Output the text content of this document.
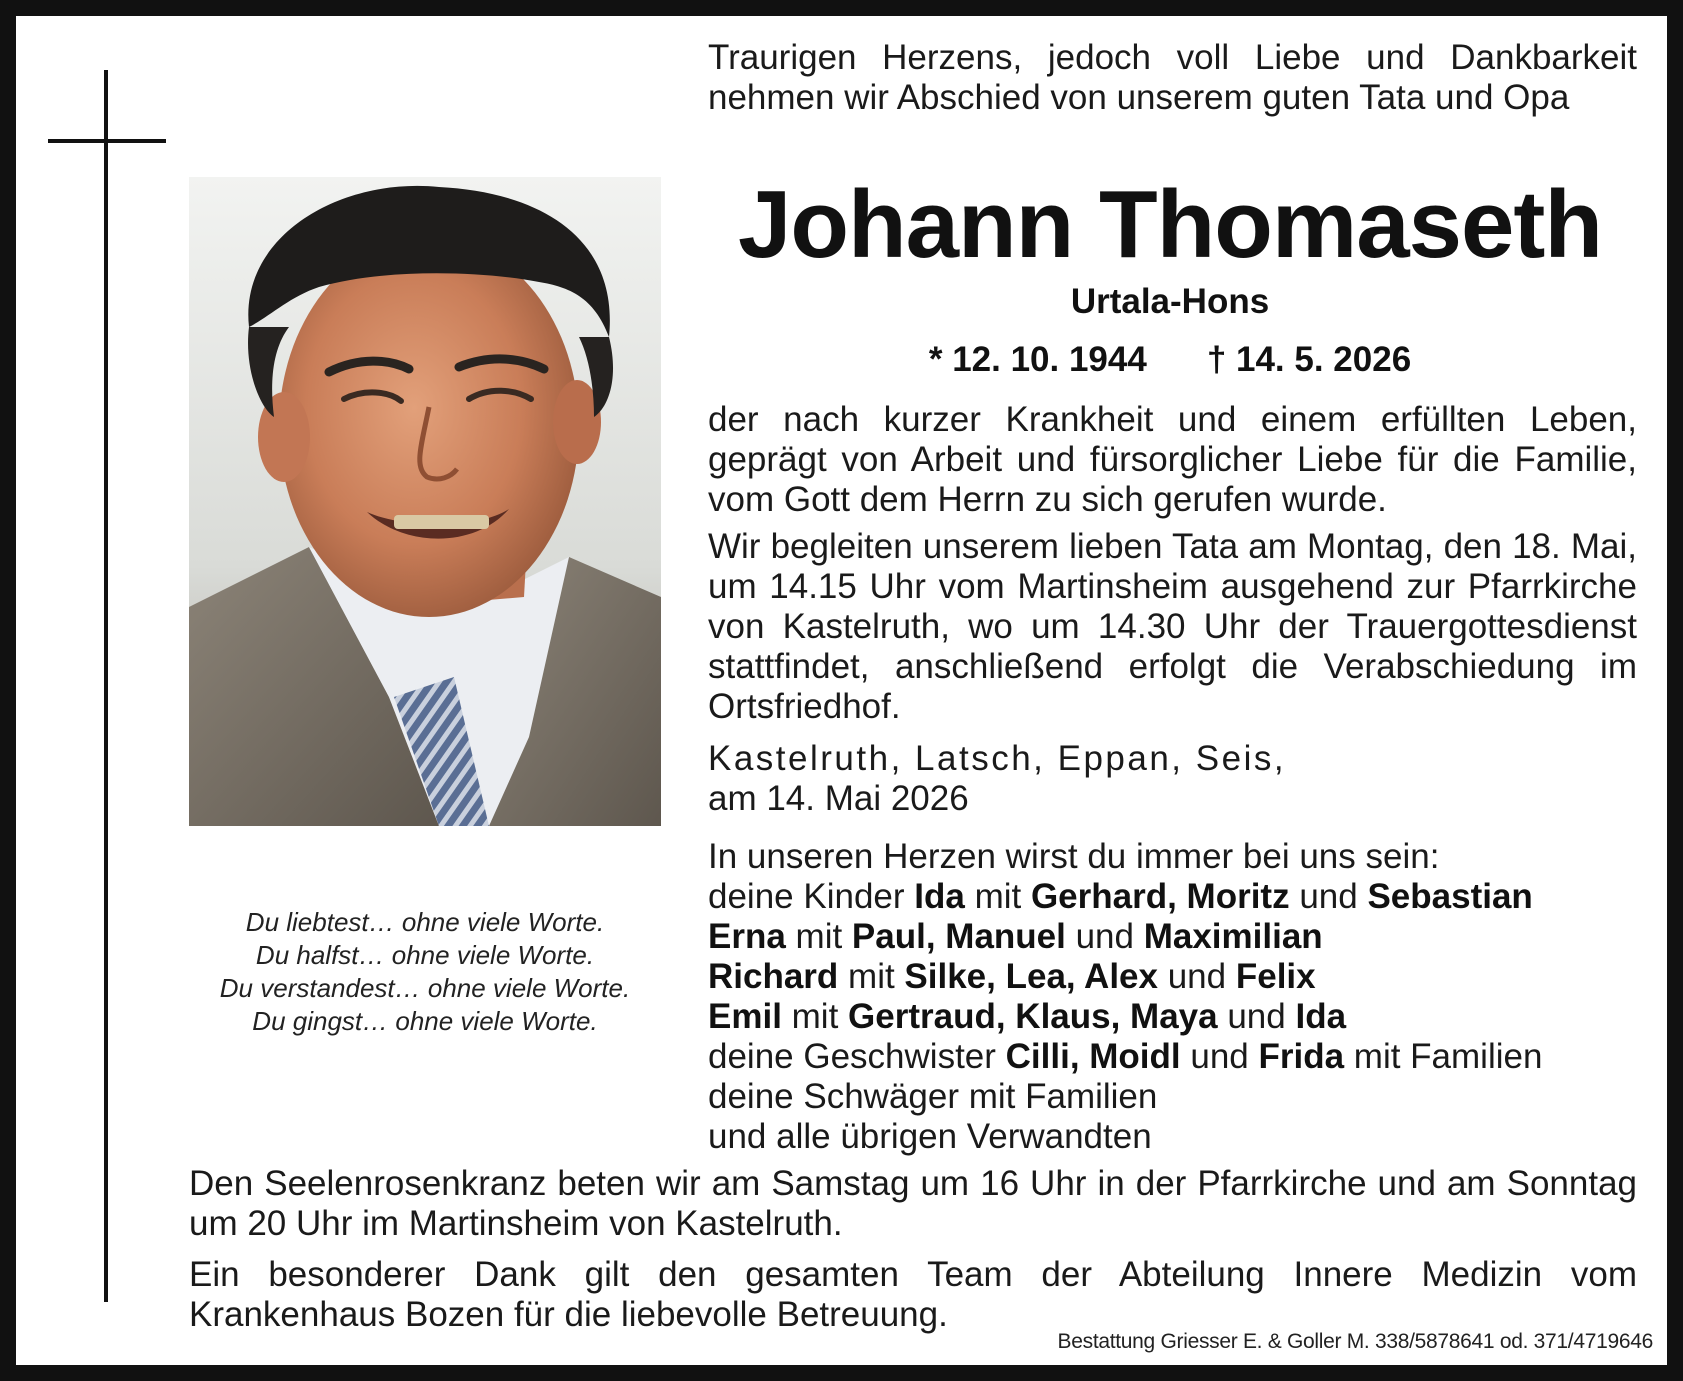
Du liebtest… ohne viele Worte.
Du halfst… ohne viele Worte.
Du verstandest… ohne viele Worte.
Du gingst… ohne viele Worte.
Traurigen Herzens, jedoch voll Liebe und Dankbarkeit nehmen wir Abschied von unserem guten Tata und Opa
Johann Thomaseth
Urtala-Hons
* 12. 10. 1944 † 14. 5. 2026
der nach kurzer Krankheit und einem erfüllten Leben, geprägt von Arbeit und fürsorglicher Liebe für die Familie, vom Gott dem Herrn zu sich gerufen wurde.
Wir begleiten unserem lieben Tata am Montag, den 18. Mai, um 14.15 Uhr vom Martinsheim ausgehend zur Pfarrkirche von Kastelruth, wo um 14.30 Uhr der Trauergottesdienst stattfindet, anschließend erfolgt die Verabschiedung im Ortsfriedhof.
Kastelruth, Latsch, Eppan, Seis,
am 14. Mai 2026
In unseren Herzen wirst du immer bei uns sein:
deine Kinder Ida mit Gerhard, Moritz und Sebastian
Erna mit Paul, Manuel und Maximilian
Richard mit Silke, Lea, Alex und Felix
Emil mit Gertraud, Klaus, Maya und Ida
deine Geschwister Cilli, Moidl und Frida mit Familien
deine Schwäger mit Familien
und alle übrigen Verwandten
Den Seelenrosenkranz beten wir am Samstag um 16 Uhr in der Pfarrkirche und am Sonntag um 20 Uhr im Martinsheim von Kastelruth.
Ein besonderer Dank gilt den gesamten Team der Abteilung Innere Medizin vom Krankenhaus Bozen für die liebevolle Betreuung.
Bestattung Griesser E. & Goller M. 338/5878641 od. 371/4719646
